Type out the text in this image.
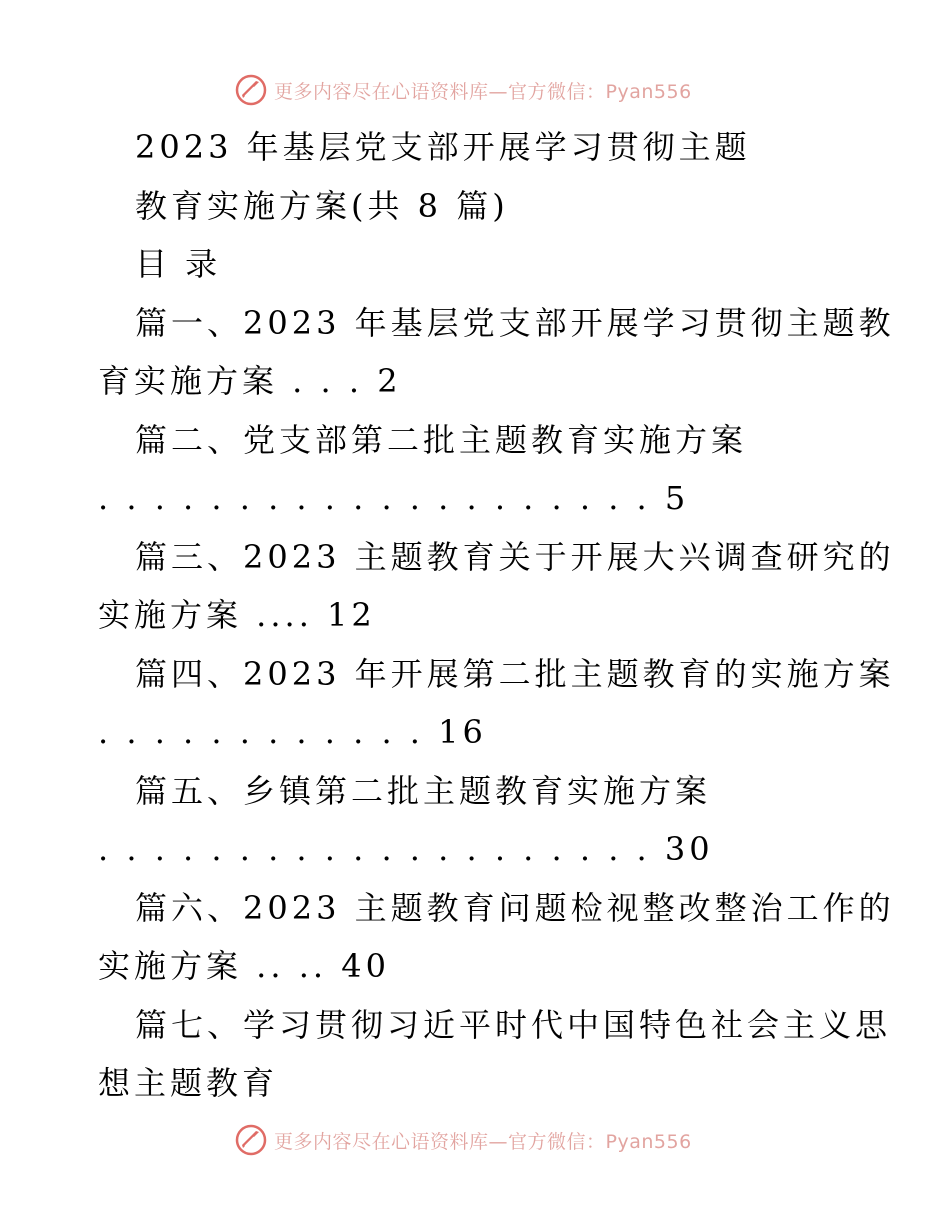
更多内容尽在心语资料库—官方微信：Pyan556
2023 年基层党支部开展学习贯彻主题
教育实施方案(共 8 篇)
目 录
篇一、2023 年基层党支部开展学习贯彻主题教
育实施方案 . . . 2
篇二、党支部第二批主题教育实施方案
. . . . . . . . . . . . . . . . . . . . 5
篇三、2023 主题教育关于开展大兴调查研究的
实施方案 .... 12
篇四、2023 年开展第二批主题教育的实施方案
. . . . . . . . . . . . 16
篇五、乡镇第二批主题教育实施方案
. . . . . . . . . . . . . . . . . . . . 30
篇六、2023 主题教育问题检视整改整治工作的
实施方案 .. .. 40
篇七、学习贯彻习近平时代中国特色社会主义思
想主题教育
更多内容尽在心语资料库—官方微信：Pyan556
